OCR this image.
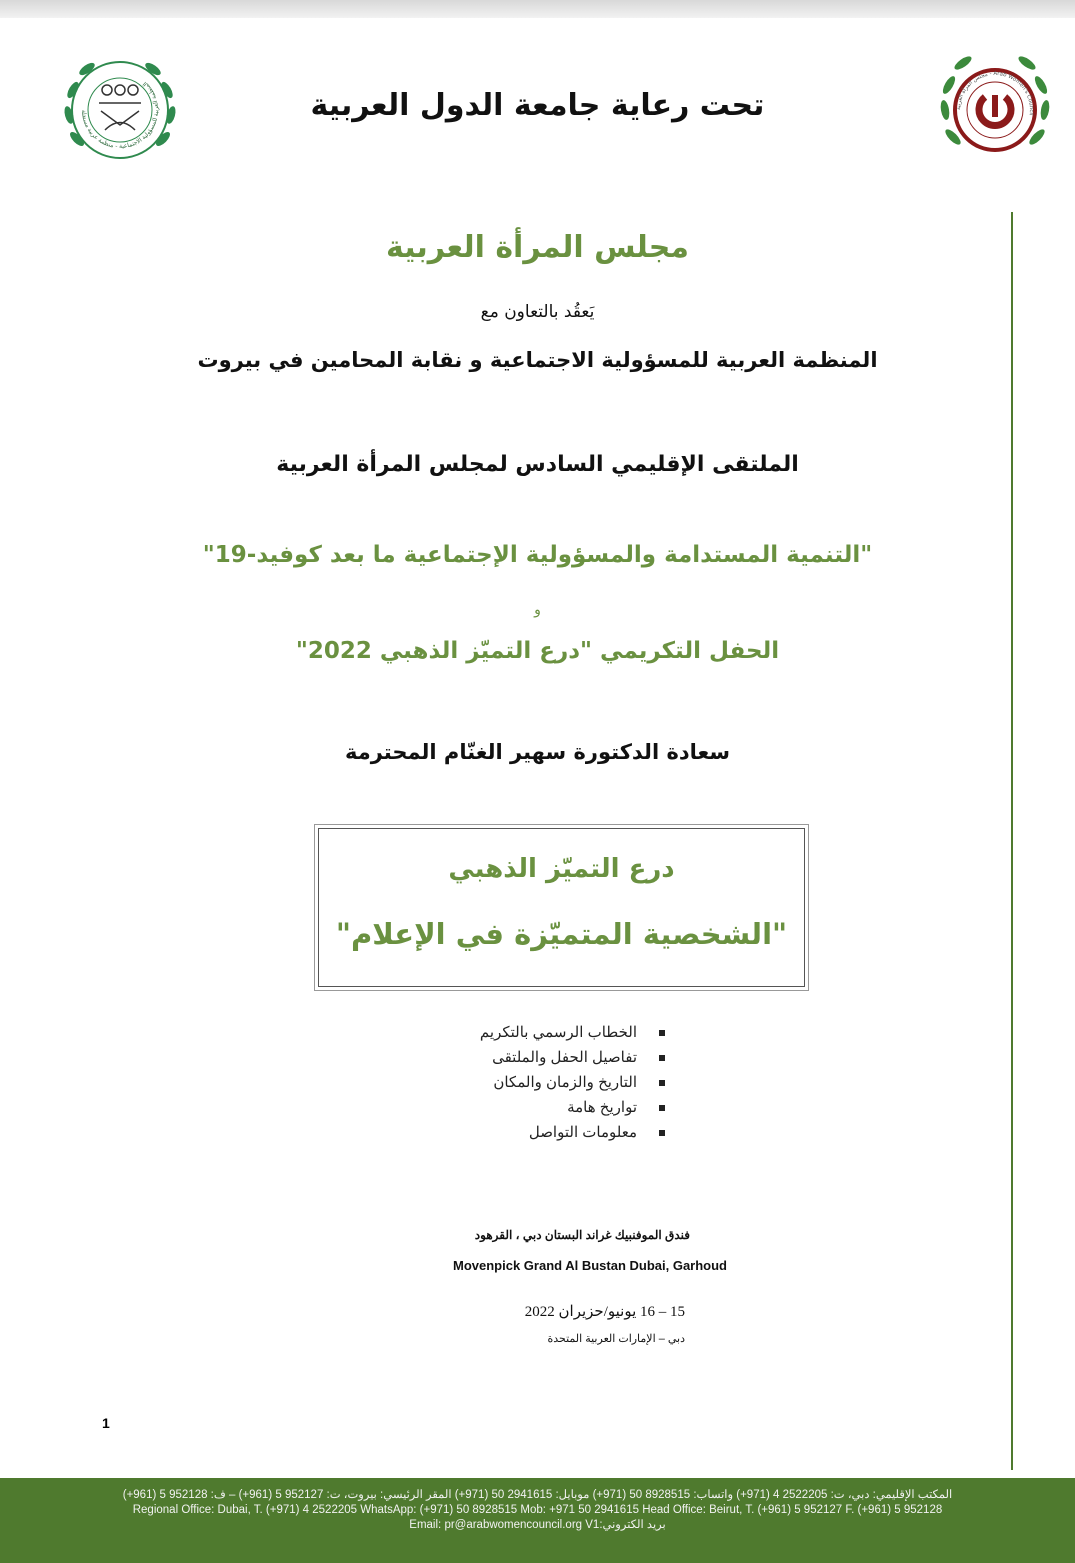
المنظمة العربية للمسؤولية الاجتماعية - منظمة عربية مستقلة
مجلس المرأة العربية - Arab Women's Council
تحت رعاية جامعة الدول العربية
مجلس المرأة العربية
يَعقُد بالتعاون مع
المنظمة العربية للمسؤولية الاجتماعية و نقابة المحامين في بيروت
الملتقى الإقليمي السادس لمجلس المرأة العربية
"التنمية المستدامة والمسؤولية الإجتماعية ما بعد كوفيد-19"
و
الحفل التكريمي "درع التميّز الذهبي 2022"
سعادة الدكتورة سهير الغنّام المحترمة
درع التميّز الذهبي
"الشخصية المتميّزة في الإعلام"
الخطاب الرسمي بالتكريم
تفاصيل الحفل والملتقى
التاريخ والزمان والمكان
تواريخ هامة
معلومات التواصل
فندق الموفنبيك غراند البستان دبي ، القرهود
Movenpick Grand Al Bustan Dubai, Garhoud
15 – 16 يونيو/حزيران 2022
دبي – الإمارات العربية المتحدة
1
المكتب الإقليمي: دبي، ت: 2522205 4 (971+) واتساب: 8928515 50 (971+) موبايل: 2941615 50 (971+) المقر الرئيسي: بيروت، ت: 952127 5 (961+) – ف: 952128 5 (961+)
Regional Office: Dubai, T. (+971) 4 2522205 WhatsApp: (+971) 50 8928515 Mob: +971 50 2941615 Head Office: Beirut, T. (+961) 5 952127 F. (+961) 5 952128
Email: pr@arabwomencouncil.org بريد الكتروني:V1
